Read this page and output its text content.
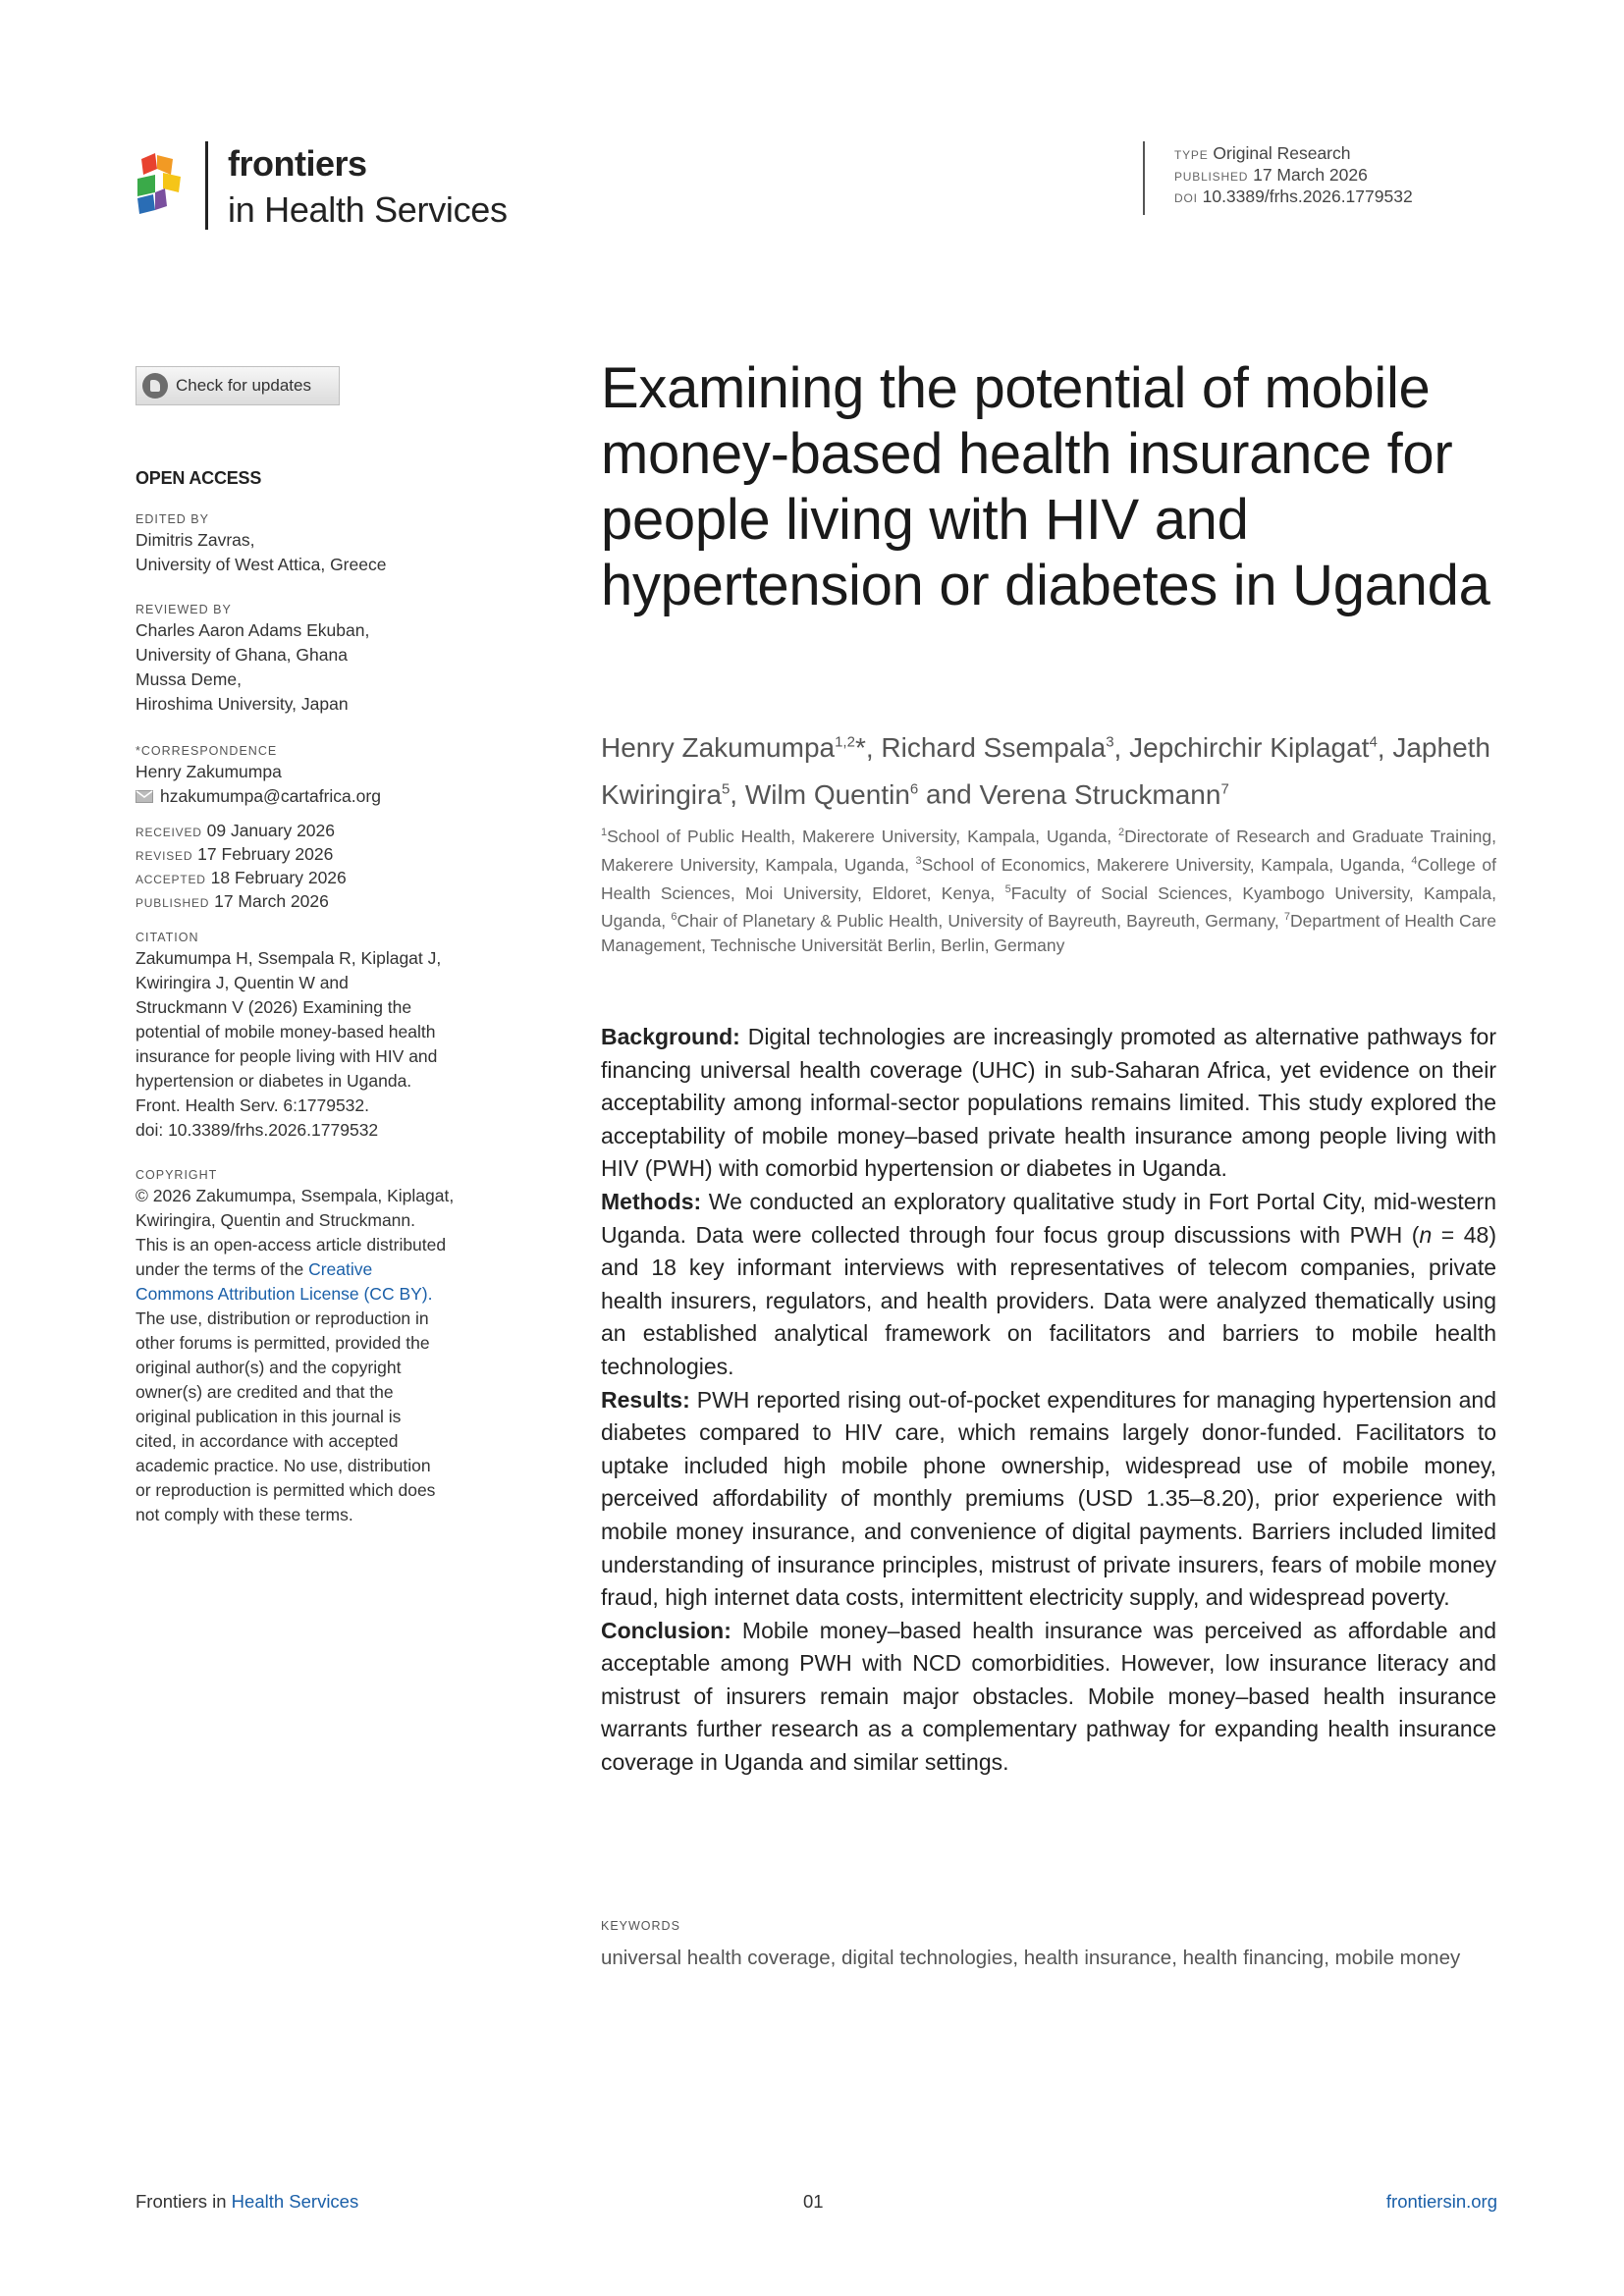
frontiers
in Health Services
TYPE Original Research
PUBLISHED 17 March 2026
DOI 10.3389/frhs.2026.1779532
Check for updates
OPEN ACCESS
EDITED BY
Dimitris Zavras,
University of West Attica, Greece
REVIEWED BY
Charles Aaron Adams Ekuban,
University of Ghana, Ghana
Mussa Deme,
Hiroshima University, Japan
*CORRESPONDENCE
Henry Zakumumpa
hzakumumpa@cartafrica.org
RECEIVED 09 January 2026
REVISED 17 February 2026
ACCEPTED 18 February 2026
PUBLISHED 17 March 2026
CITATION
Zakumumpa H, Ssempala R, Kiplagat J,
Kwiringira J, Quentin W and
Struckmann V (2026) Examining the
potential of mobile money-based health
insurance for people living with HIV and
hypertension or diabetes in Uganda.
Front. Health Serv. 6:1779532.
doi: 10.3389/frhs.2026.1779532
COPYRIGHT
© 2026 Zakumumpa, Ssempala, Kiplagat,
Kwiringira, Quentin and Struckmann.
This is an open-access article distributed
under the terms of the Creative
Commons Attribution License (CC BY).
The use, distribution or reproduction in
other forums is permitted, provided the
original author(s) and the copyright
owner(s) are credited and that the
original publication in this journal is
cited, in accordance with accepted
academic practice. No use, distribution
or reproduction is permitted which does
not comply with these terms.
Examining the potential of mobile money-based health insurance for people living with HIV and hypertension or diabetes in Uganda
Henry Zakumumpa$^{1,2}$*, Richard Ssempala$^3$, Jepchirchir Kiplagat$^4$, Japheth Kwiringira$^5$, Wilm Quentin$^6$ and Verena Struckmann$^7$
$^1$School of Public Health, Makerere University, Kampala, Uganda, $^2$Directorate of Research and Graduate Training, Makerere University, Kampala, Uganda, $^3$School of Economics, Makerere University, Kampala, Uganda, $^4$College of Health Sciences, Moi University, Eldoret, Kenya, $^5$Faculty of Social Sciences, Kyambogo University, Kampala, Uganda, $^6$Chair of Planetary & Public Health, University of Bayreuth, Bayreuth, Germany, $^7$Department of Health Care Management, Technische Universität Berlin, Berlin, Germany

Background: Digital technologies are increasingly promoted as alternative pathways for financing universal health coverage (UHC) in sub-Saharan Africa, yet evidence on their acceptability among informal-sector populations remains limited. This study explored the acceptability of mobile money–based private health insurance among people living with HIV (PWH) with comorbid hypertension or diabetes in Uganda.

Methods: We conducted an exploratory qualitative study in Fort Portal City, mid-western Uganda. Data were collected through four focus group discussions with PWH (n = 48) and 18 key informant interviews with representatives of telecom companies, private health insurers, regulators, and health providers. Data were analyzed thematically using an established analytical framework on facilitators and barriers to mobile health technologies.

Results: PWH reported rising out-of-pocket expenditures for managing hypertension and diabetes compared to HIV care, which remains largely donor-funded. Facilitators to uptake included high mobile phone ownership, widespread use of mobile money, perceived affordability of monthly premiums (USD 1.35–8.20), prior experience with mobile money insurance, and convenience of digital payments. Barriers included limited understanding of insurance principles, mistrust of private insurers, fears of mobile money fraud, high internet data costs, intermittent electricity supply, and widespread poverty.

Conclusion: Mobile money–based health insurance was perceived as affordable and acceptable among PWH with NCD comorbidities. However, low insurance literacy and mistrust of insurers remain major obstacles. Mobile money–based health insurance warrants further research as a complementary pathway for expanding health insurance coverage in Uganda and similar settings.

KEYWORDS
universal health coverage, digital technologies, health insurance, health financing, mobile money
Frontiers in Health Services	01	frontiersin.org
